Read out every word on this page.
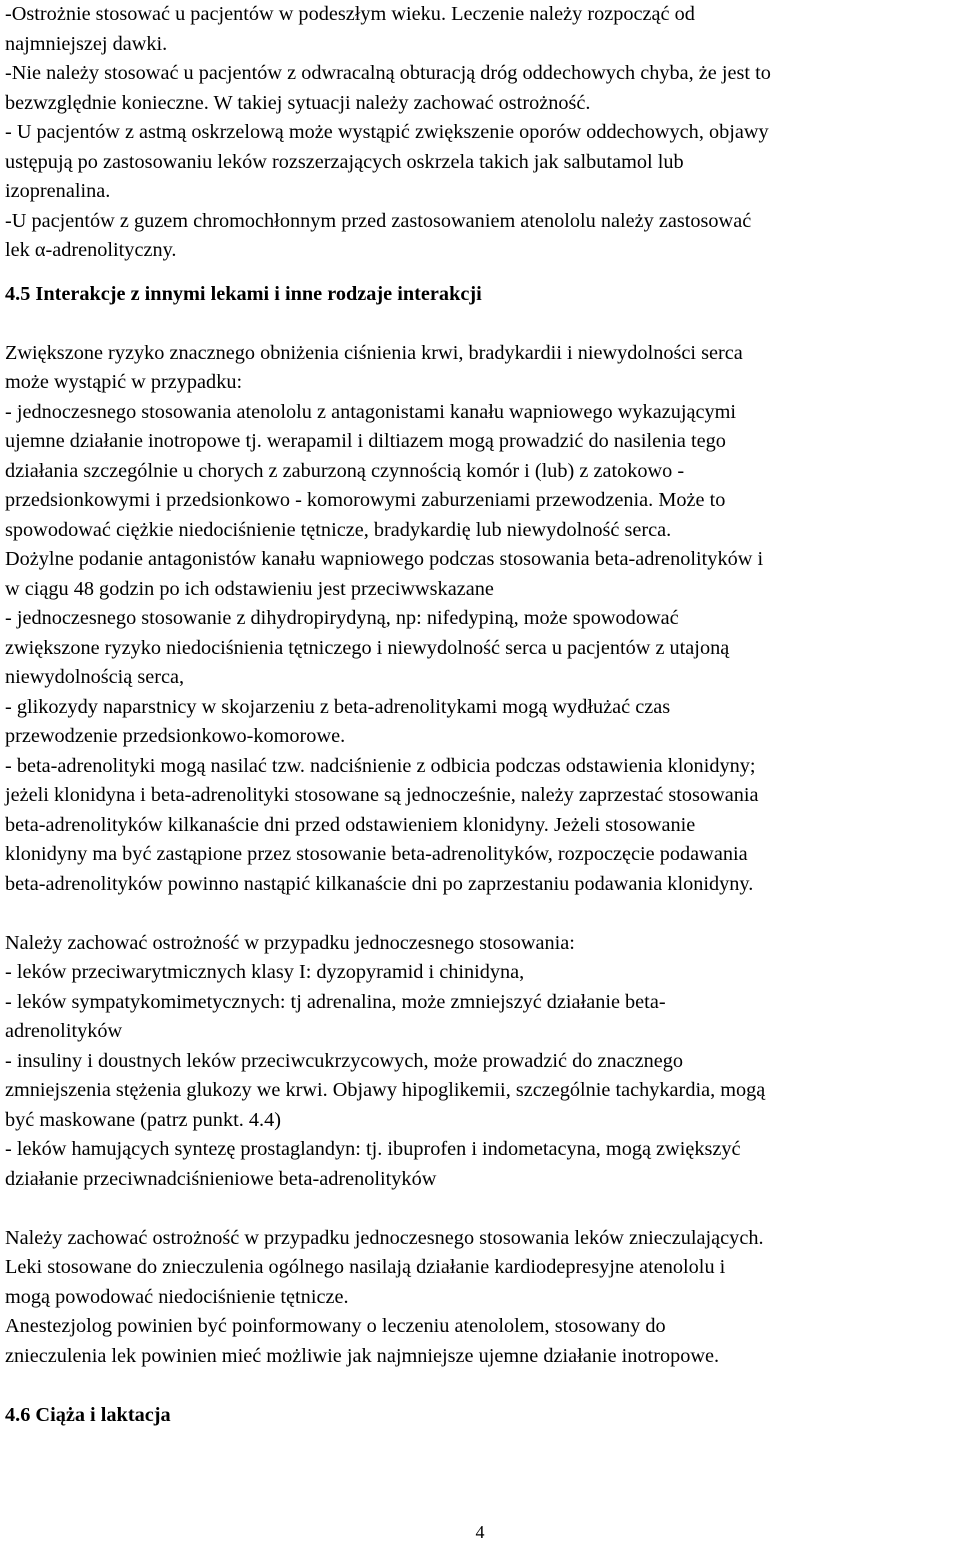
-Ostrożnie stosować u pacjentów w podeszłym wieku. Leczenie należy rozpocząć od

najmniejszej dawki.

-Nie należy stosować u pacjentów z odwracalną obturacją dróg oddechowych chyba, że jest to

bezwzględnie konieczne. W takiej sytuacji należy zachować ostrożność.

- U pacjentów z astmą oskrzelową może wystąpić zwiększenie oporów oddechowych, objawy

ustępują po zastosowaniu leków rozszerzających oskrzela takich jak salbutamol lub

izoprenalina.

-U pacjentów z guzem chromochłonnym przed zastosowaniem atenololu należy zastosować

lek α-adrenolityczny.

4.5 Interakcje z innymi lekami i inne rodzaje interakcji

Zwiększone ryzyko znacznego obniżenia ciśnienia krwi, bradykardii i niewydolności serca

może wystąpić w przypadku:

- jednoczesnego stosowania atenololu z antagonistami kanału wapniowego wykazującymi

ujemne działanie inotropowe tj. werapamil i diltiazem mogą prowadzić do nasilenia tego

działania szczególnie u chorych z zaburzoną czynnością komór i (lub) z zatokowo -

przedsionkowymi i przedsionkowo - komorowymi zaburzeniami przewodzenia. Może to

spowodować ciężkie niedociśnienie tętnicze, bradykardię lub niewydolność serca.

Dożylne podanie antagonistów kanału wapniowego podczas stosowania beta-adrenolityków i

w ciągu 48 godzin po ich odstawieniu jest przeciwwskazane

- jednoczesnego stosowanie z dihydropirydyną, np: nifedypiną, może spowodować

zwiększone ryzyko niedociśnienia tętniczego i niewydolność serca u pacjentów z utajoną

niewydolnością serca,

- glikozydy naparstnicy w skojarzeniu z beta-adrenolitykami mogą wydłużać czas

przewodzenie przedsionkowo-komorowe.

- beta-adrenolityki mogą nasilać tzw. nadciśnienie z odbicia podczas odstawienia klonidyny;

jeżeli klonidyna i beta-adrenolityki stosowane są jednocześnie, należy zaprzestać stosowania

beta-adrenolityków kilkanaście dni przed odstawieniem klonidyny. Jeżeli stosowanie

klonidyny ma być zastąpione przez stosowanie beta-adrenolityków, rozpoczęcie podawania

beta-adrenolityków powinno nastąpić kilkanaście dni po zaprzestaniu podawania klonidyny.

Należy zachować ostrożność w przypadku jednoczesnego stosowania:

- leków przeciwarytmicznych klasy I: dyzopyramid i chinidyna,

- leków sympatykomimetycznych: tj adrenalina, może zmniejszyć działanie beta-

adrenolityków

- insuliny i doustnych leków przeciwcukrzycowych, może prowadzić do znacznego

zmniejszenia stężenia glukozy we krwi. Objawy hipoglikemii, szczególnie tachykardia, mogą

być maskowane (patrz punkt. 4.4)

- leków hamujących syntezę prostaglandyn: tj. ibuprofen i indometacyna, mogą zwiększyć

działanie przeciwnadciśnieniowe beta-adrenolityków

Należy zachować ostrożność w przypadku jednoczesnego stosowania leków znieczulających.

Leki stosowane do znieczulenia ogólnego nasilają działanie kardiodepresyjne atenololu i

mogą powodować niedociśnienie tętnicze.

Anestezjolog powinien być poinformowany o leczeniu atenololem, stosowany do

znieczulenia lek powinien mieć możliwie jak najmniejsze ujemne działanie inotropowe.

4.6 Ciąża i laktacja
4
